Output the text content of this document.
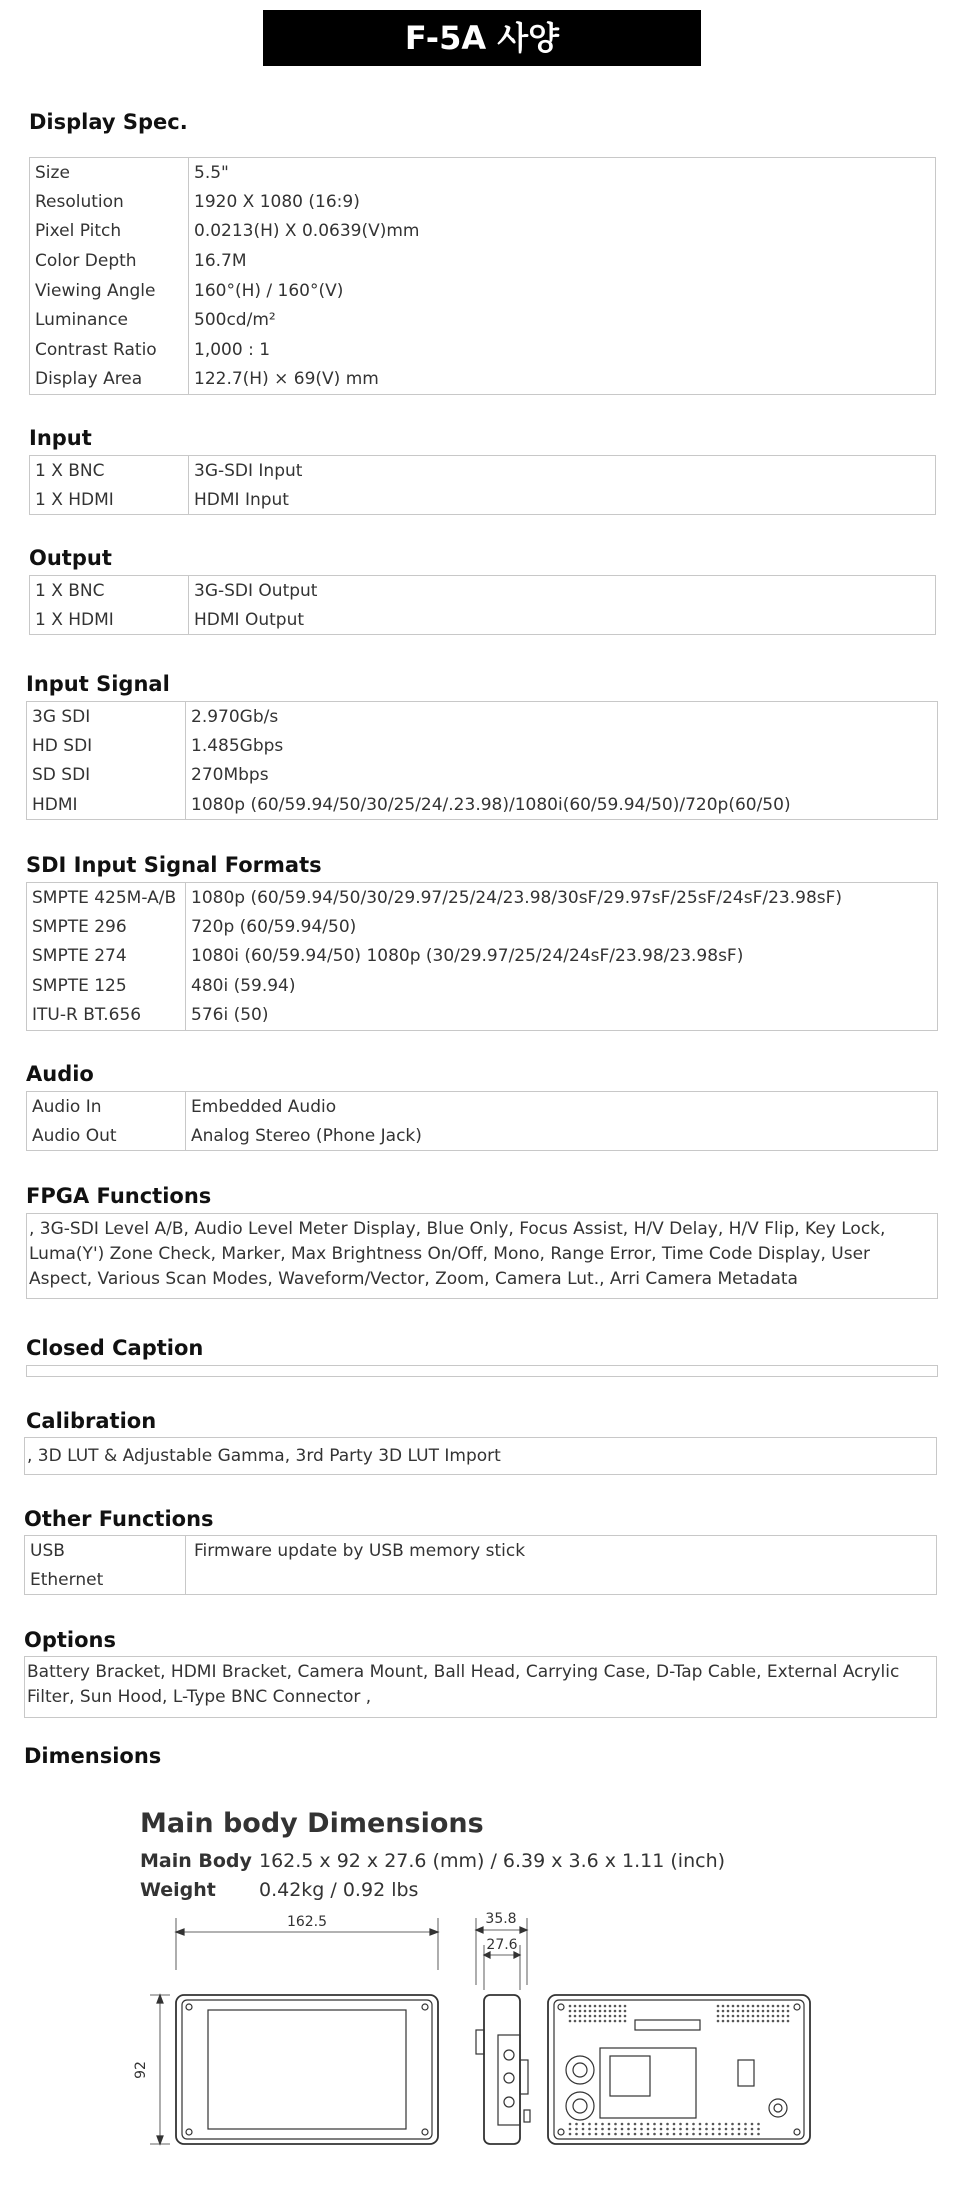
F-5A 사양
Display Spec.
Size	5.5"
Resolution	1920 X 1080 (16:9)
Pixel Pitch	0.0213(H) X 0.0639(V)mm
Color Depth	16.7M
Viewing Angle	160°(H) / 160°(V)
Luminance	500cd/m²
Contrast Ratio	1,000 : 1
Display Area	122.7(H) × 69(V) mm
Input
1 X BNC	3G-SDI Input
1 X HDMI	HDMI Input
Output
1 X BNC	3G-SDI Output
1 X HDMI	HDMI Output
Input Signal
3G SDI	2.970Gb/s
HD SDI	1.485Gbps
SD SDI	270Mbps
HDMI	1080p (60/59.94/50/30/25/24/.23.98)/1080i(60/59.94/50)/720p(60/50)
SDI Input Signal Formats
SMPTE 425M-A/B	1080p (60/59.94/50/30/29.97/25/24/23.98/30sF/29.97sF/25sF/24sF/23.98sF)
SMPTE 296	720p (60/59.94/50)
SMPTE 274	1080i (60/59.94/50) 1080p (30/29.97/25/24/24sF/23.98/23.98sF)
SMPTE 125	480i (59.94)
ITU-R BT.656	576i (50)
Audio
Audio In	Embedded Audio
Audio Out	Analog Stereo (Phone Jack)
FPGA Functions
, 3G-SDI Level A/B, Audio Level Meter Display, Blue Only, Focus Assist, H/V Delay, H/V Flip, Key Lock, Luma(Y') Zone Check, Marker, Max Brightness On/Off, Mono, Range Error, Time Code Display, User Aspect, Various Scan Modes, Waveform/Vector, Zoom, Camera Lut., Arri Camera Metadata
Closed Caption
Calibration
, 3D LUT & Adjustable Gamma, 3rd Party 3D LUT Import
Other Functions
USB	Firmware update by USB memory stick
Ethernet	
Options
Battery Bracket, HDMI Bracket, Camera Mount, Ball Head, Carrying Case, D-Tap Cable, External Acrylic Filter, Sun Hood, L-Type BNC Connector ,
Dimensions
Main body Dimensions
Main Body 162.5 x 92 x 27.6 (mm) / 6.39 x 3.6 x 1.11 (inch)
Weight 0.42kg / 0.92 lbs
162.5
92
35.8
27.6
